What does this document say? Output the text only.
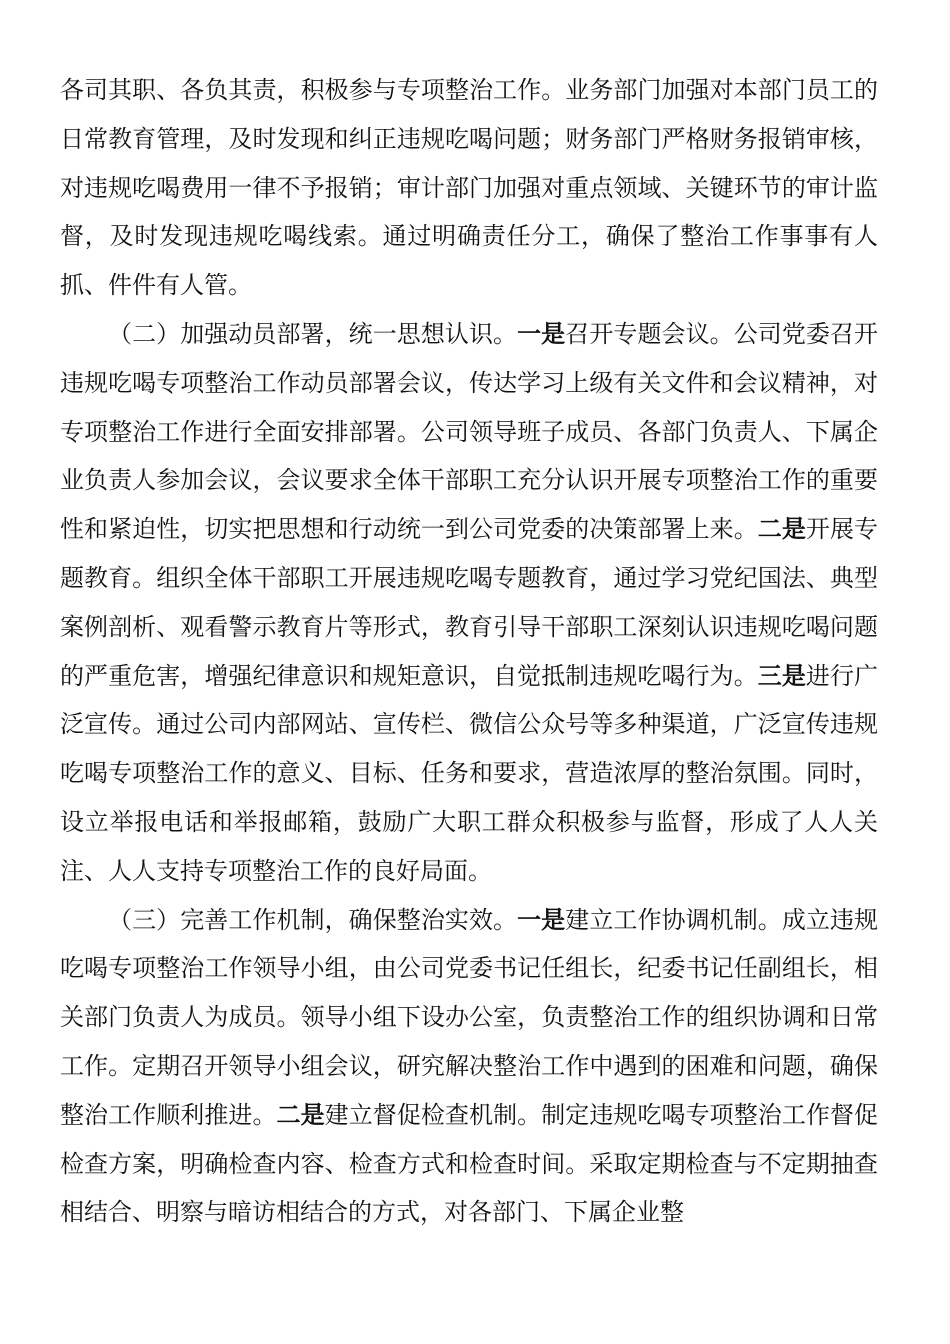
各司其职、各负其责，积极参与专项整治工作。业务部门加强对本部门员工的日常教育管理，及时发现和纠正违规吃喝问题；财务部门严格财务报销审核，对违规吃喝费用一律不予报销；审计部门加强对重点领域、关键环节的审计监督，及时发现违规吃喝线索。通过明确责任分工，确保了整治工作事事有人抓、件件有人管。

（二）加强动员部署，统一思想认识。一是召开专题会议。公司党委召开违规吃喝专项整治工作动员部署会议，传达学习上级有关文件和会议精神，对专项整治工作进行全面安排部署。公司领导班子成员、各部门负责人、下属企业负责人参加会议，会议要求全体干部职工充分认识开展专项整治工作的重要性和紧迫性，切实把思想和行动统一到公司党委的决策部署上来。二是开展专题教育。组织全体干部职工开展违规吃喝专题教育，通过学习党纪国法、典型案例剖析、观看警示教育片等形式，教育引导干部职工深刻认识违规吃喝问题的严重危害，增强纪律意识和规矩意识，自觉抵制违规吃喝行为。三是进行广泛宣传。通过公司内部网站、宣传栏、微信公众号等多种渠道，广泛宣传违规吃喝专项整治工作的意义、目标、任务和要求，营造浓厚的整治氛围。同时，设立举报电话和举报邮箱，鼓励广大职工群众积极参与监督，形成了人人关注、人人支持专项整治工作的良好局面。

（三）完善工作机制，确保整治实效。一是建立工作协调机制。成立违规吃喝专项整治工作领导小组，由公司党委书记任组长，纪委书记任副组长，相关部门负责人为成员。领导小组下设办公室，负责整治工作的组织协调和日常工作。定期召开领导小组会议，研究解决整治工作中遇到的困难和问题，确保整治工作顺利推进。二是建立督促检查机制。制定违规吃喝专项整治工作督促检查方案，明确检查内容、检查方式和检查时间。采取定期检查与不定期抽查相结合、明察与暗访相结合的方式，对各部门、下属企业整
